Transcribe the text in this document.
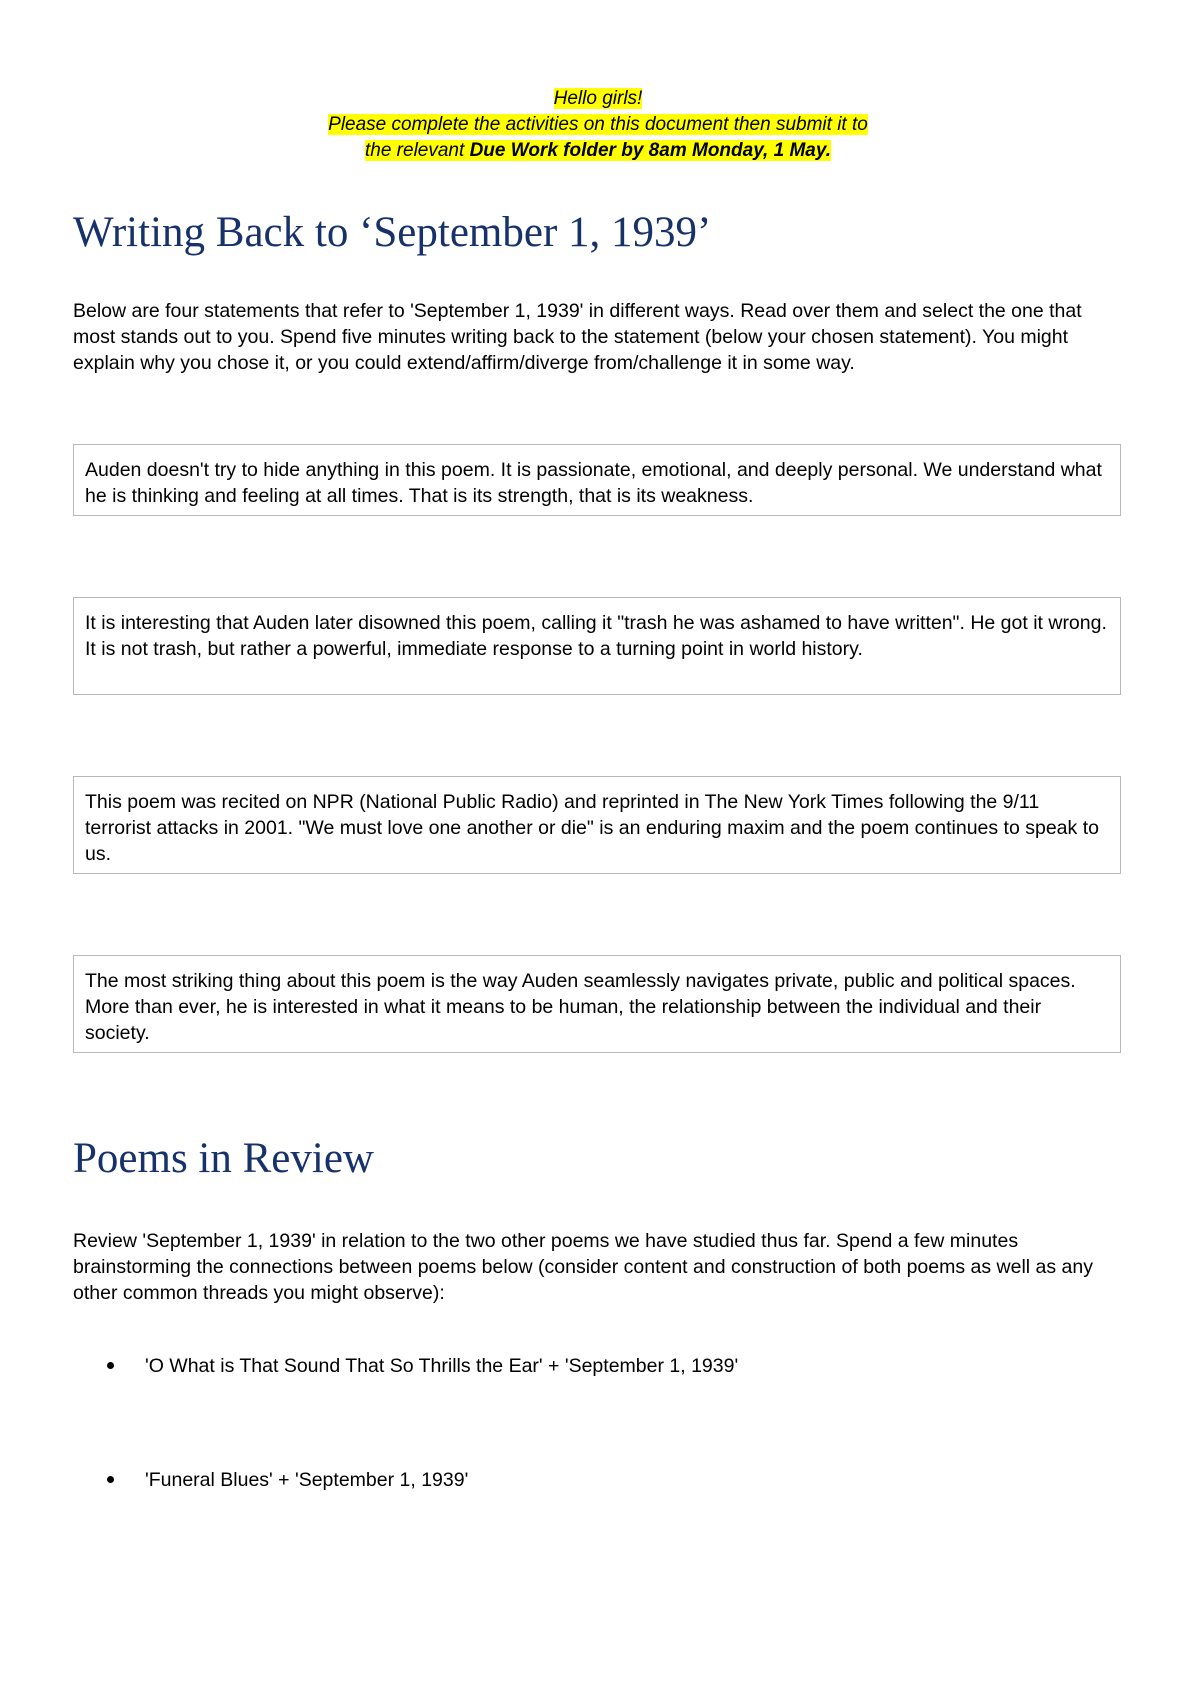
Hello girls!
Please complete the activities on this document then submit it to
the relevant Due Work folder by 8am Monday, 1 May.
Writing Back to ‘September 1, 1939’

Below are four statements that refer to 'September 1, 1939' in different ways. Read over them and select the one that most stands out to you. Spend five minutes writing back to the statement (below your chosen statement). You might explain why you chose it, or you could extend/affirm/diverge from/challenge it in some way.

Auden doesn't try to hide anything in this poem. It is passionate, emotional, and deeply personal. We understand what he is thinking and feeling at all times. That is its strength, that is its weakness.
It is interesting that Auden later disowned this poem, calling it "trash he was ashamed to have written". He got it wrong. It is not trash, but rather a powerful, immediate response to a turning point in world history.
This poem was recited on NPR (National Public Radio) and reprinted in The New York Times following the 9/11 terrorist attacks in 2001. "We must love one another or die" is an enduring maxim and the poem continues to speak to us.
The most striking thing about this poem is the way Auden seamlessly navigates private, public and political spaces. More than ever, he is interested in what it means to be human, the relationship between the individual and their society.
Poems in Review

Review 'September 1, 1939' in relation to the two other poems we have studied thus far. Spend a few minutes brainstorming the connections between poems below (consider content and construction of both poems as well as any other common threads you might observe):

'O What is That Sound That So Thrills the Ear' + 'September 1, 1939'
'Funeral Blues' + 'September 1, 1939'
